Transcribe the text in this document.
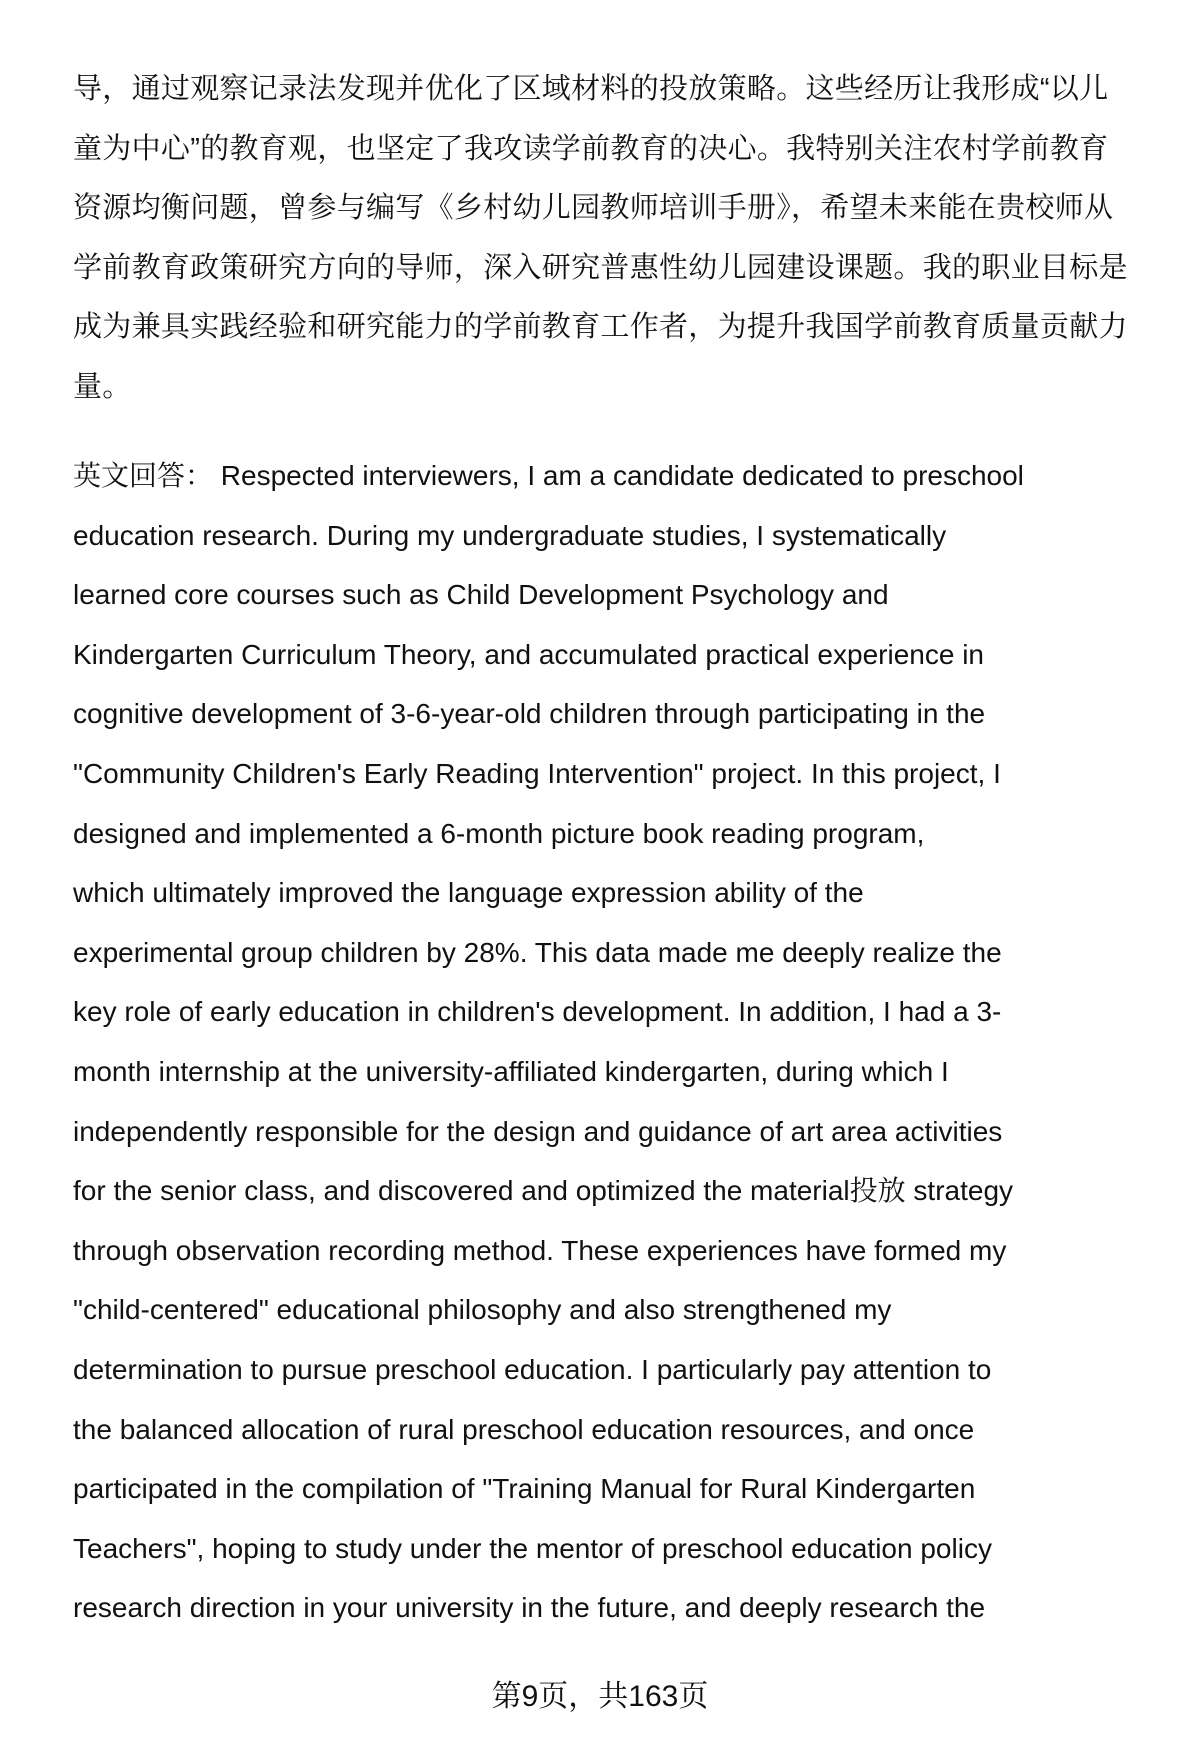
导，通过观察记录法发现并优化了区域材料的投放策略。这些经历让我形成“以儿
童为中心”的教育观，也坚定了我攻读学前教育的决心。我特别关注农村学前教育
资源均衡问题，曾参与编写《乡村幼儿园教师培训手册》，希望未来能在贵校师从
学前教育政策研究方向的导师，深入研究普惠性幼儿园建设课题。我的职业目标是
成为兼具实践经验和研究能力的学前教育工作者，为提升我国学前教育质量贡献力
量。
英文回答： Respected interviewers, I am a candidate dedicated to preschool
education research. During my undergraduate studies, I systematically
learned core courses such as Child Development Psychology and
Kindergarten Curriculum Theory, and accumulated practical experience in
cognitive development of 3-6-year-old children through participating in the
"Community Children's Early Reading Intervention" project. In this project, I
designed and implemented a 6-month picture book reading program,
which ultimately improved the language expression ability of the
experimental group children by 28%. This data made me deeply realize the
key role of early education in children's development. In addition, I had a 3-
month internship at the university-affiliated kindergarten, during which I
independently responsible for the design and guidance of art area activities
for the senior class, and discovered and optimized the material投放 strategy
through observation recording method. These experiences have formed my
"child-centered" educational philosophy and also strengthened my
determination to pursue preschool education. I particularly pay attention to
the balanced allocation of rural preschool education resources, and once
participated in the compilation of "Training Manual for Rural Kindergarten
Teachers", hoping to study under the mentor of preschool education policy
research direction in your university in the future, and deeply research the
第9页，共163页
